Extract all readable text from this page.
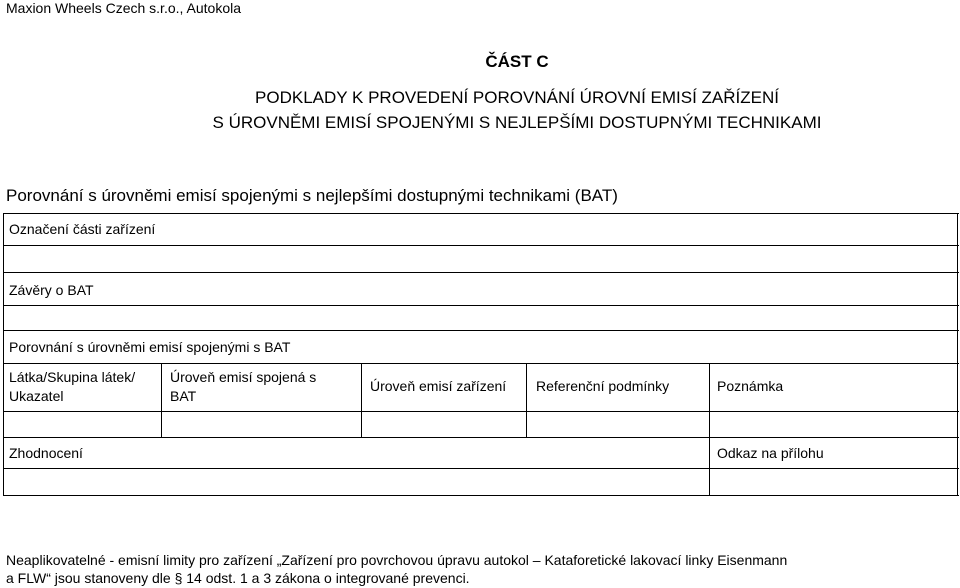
Maxion Wheels Czech s.r.o., Autokola
ČÁST C
PODKLADY K PROVEDENÍ POROVNÁNÍ ÚROVNÍ EMISÍ ZAŘÍZENÍ
S ÚROVNĚMI EMISÍ SPOJENÝMI S NEJLEPŠÍMI DOSTUPNÝMI TECHNIKAMI
Porovnání s úrovněmi emisí spojenými s nejlepšími dostupnými technikami (BAT)
Označení části zařízení
Závěry o BAT
Porovnání s úrovněmi emisí spojenými s BAT
Látka/Skupina látek/
Ukazatel
Úroveň emisí spojená s
BAT
Úroveň emisí zařízení Referenční podmínky	Poznámka
Zhodnocení	Odkaz na přílohu
Neaplikovatelné - emisní limity pro zařízení „Zařízení pro povrchovou úpravu autokol – Kataforetické lakovací linky Eisenmann
a FLW“ jsou stanoveny dle § 14 odst. 1 a 3 zákona o integrované prevenci.
